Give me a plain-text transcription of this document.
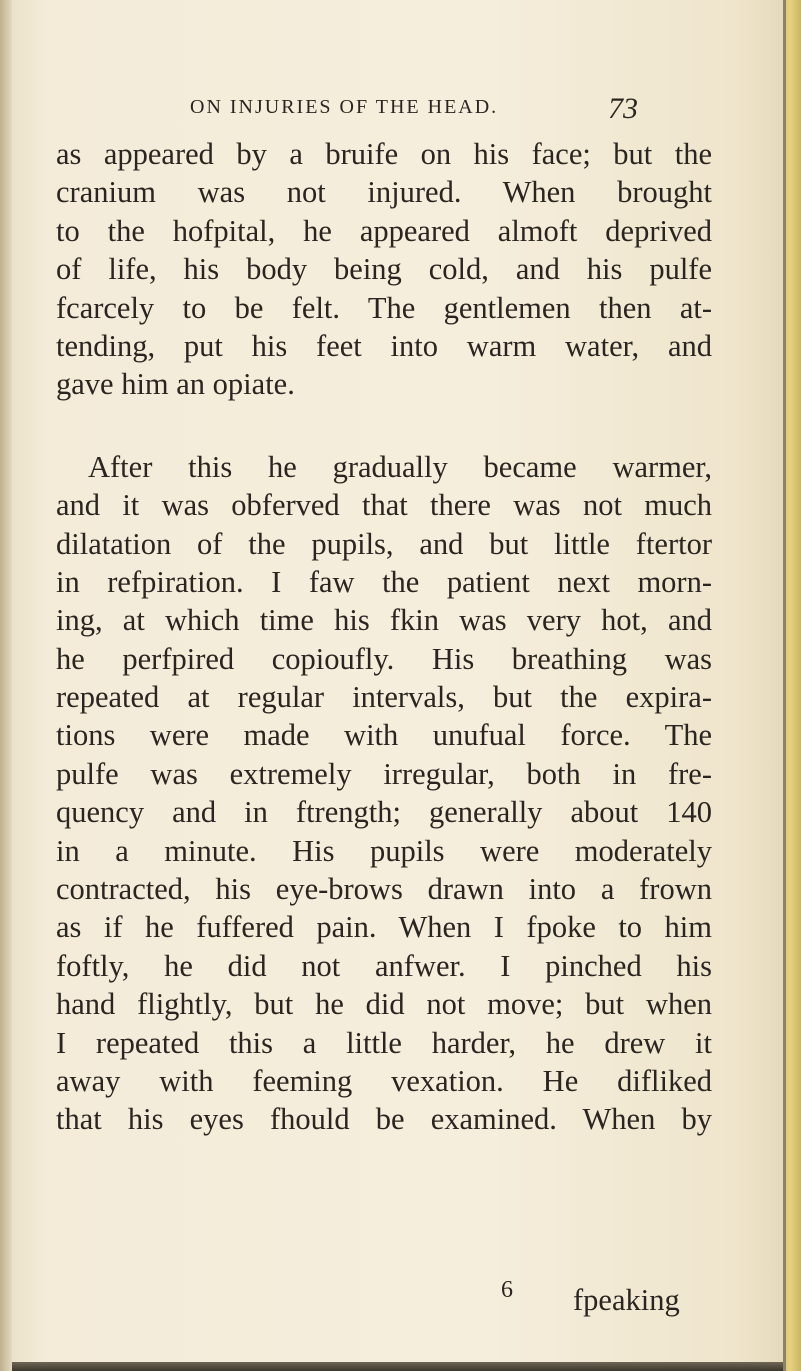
ON INJURIES OF THE HEAD.	73
as appeared by a bruife on his face; but the
cranium was not injured. When brought
to the hofpital, he appeared almoft deprived
of life, his body being cold, and his pulfe
fcarcely to be felt. The gentlemen then at-
tending, put his feet into warm water, and
gave him an opiate.
After this he gradually became warmer,
and it was obferved that there was not much
dilatation of the pupils, and but little ftertor
in refpiration. I faw the patient next morn-
ing, at which time his fkin was very hot, and
he perfpired copioufly. His breathing was
repeated at regular intervals, but the expira-
tions were made with unufual force. The
pulfe was extremely irregular, both in fre-
quency and in ftrength; generally about 140
in a minute. His pupils were moderately
contracted, his eye-brows drawn into a frown
as if he fuffered pain. When I fpoke to him
foftly, he did not anfwer. I pinched his
hand flightly, but he did not move; but when
I repeated this a little harder, he drew it
away with feeming vexation. He difliked
that his eyes fhould be examined. When by
6 fpeaking
